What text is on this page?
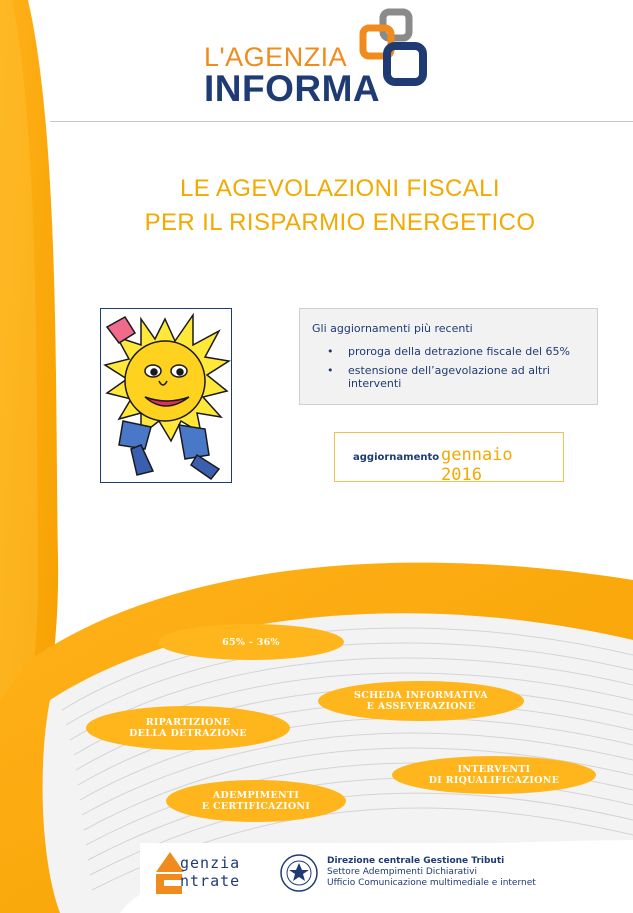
L'AGENZIA
INFORMA
LE AGEVOLAZIONI FISCALI
PER IL RISPARMIO ENERGETICO
Gli aggiornamenti più recenti
• proroga della detrazione fiscale del 65%
• estensione dell’agevolazione ad altri interventi
aggiornamento gennaio 2016
65% - 36%
SCHEDA INFORMATIVA
E ASSEVERAZIONE
RIPARTIZIONE
DELLA DETRAZIONE
INTERVENTI
DI RIQUALIFICAZIONE
ADEMPIMENTI
E CERTIFICAZIONI
genzia
ntrate
Direzione centrale Gestione Tributi
Settore Adempimenti Dichiarativi
Ufficio Comunicazione multimediale e internet
